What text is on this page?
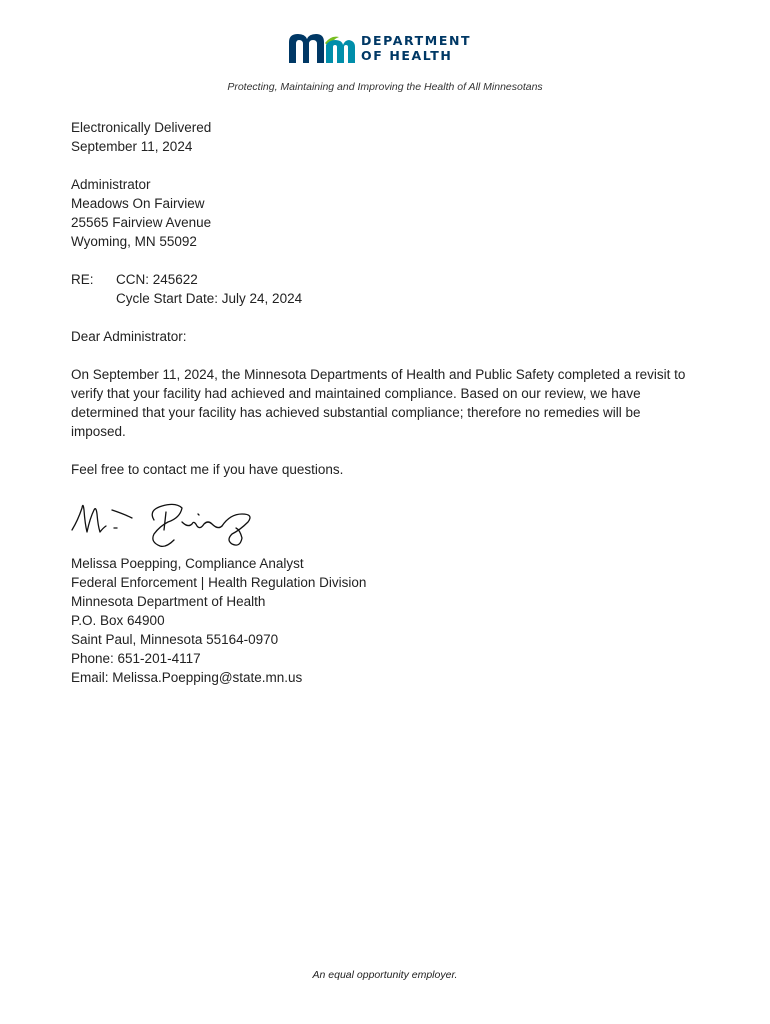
DEPARTMENT
OF HEALTH
Protecting, Maintaining and Improving the Health of All Minnesotans
Electronically Delivered
September 11, 2024
Administrator
Meadows On Fairview
25565 Fairview Avenue
Wyoming, MN 55092
RE: CCN: 245622
Cycle Start Date: July 24, 2024
Dear Administrator:
On September 11, 2024, the Minnesota Departments of Health and Public Safety completed a revisit to
verify that your facility had achieved and maintained compliance. Based on our review, we have
determined that your facility has achieved substantial compliance; therefore no remedies will be
imposed.
Feel free to contact me if you have questions.
Melissa Poepping, Compliance Analyst
Federal Enforcement | Health Regulation Division
Minnesota Department of Health
P.O. Box 64900
Saint Paul, Minnesota 55164-0970
Phone: 651-201-4117
Email: Melissa.Poepping@state.mn.us
An equal opportunity employer.
